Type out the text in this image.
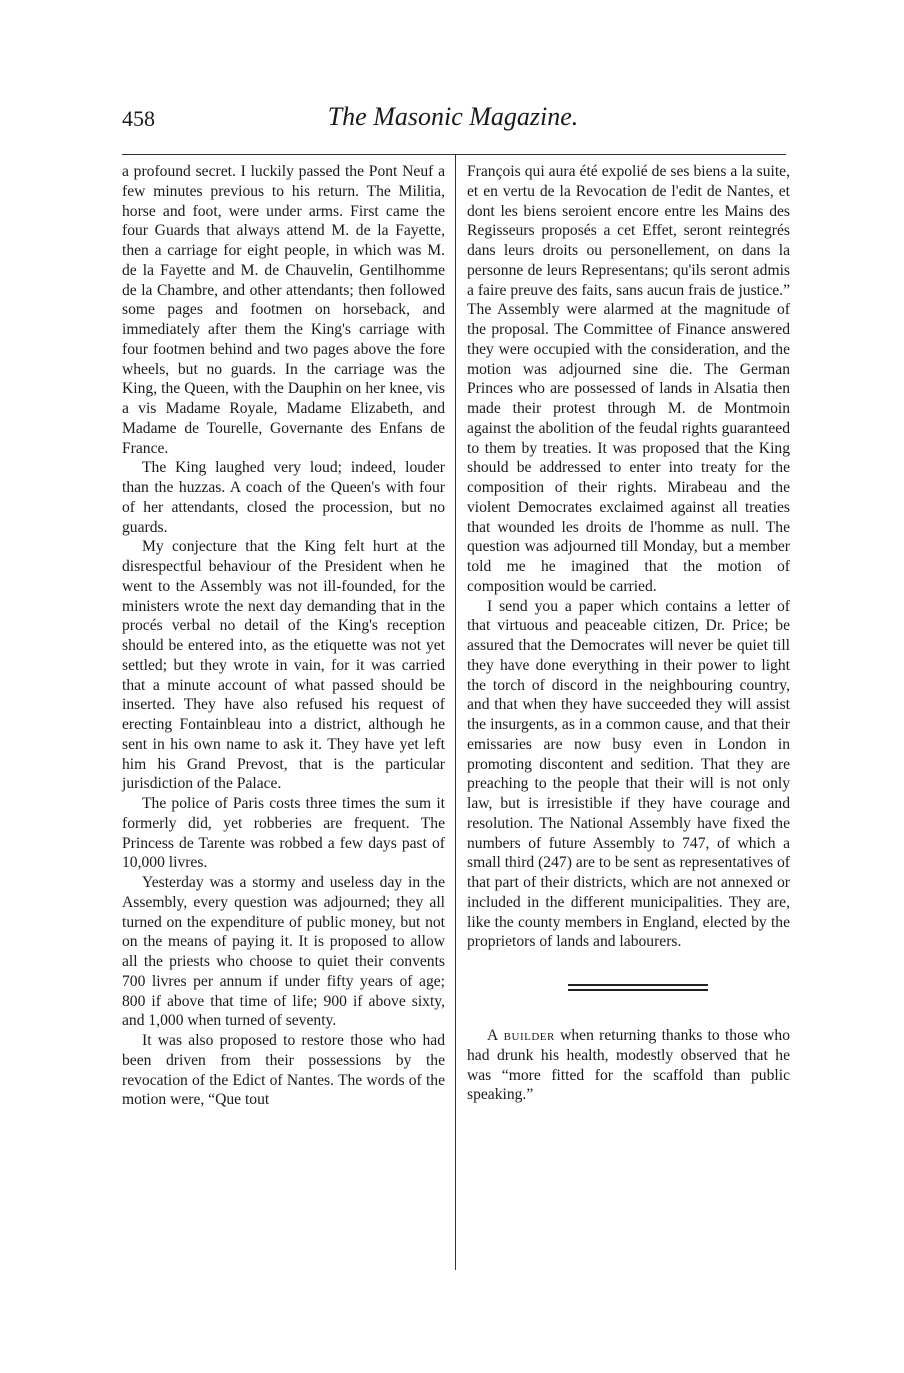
458	The Masonic Magazine.

a profound secret. I luckily passed the Pont Neuf a few minutes previous to his return. The Militia, horse and foot, were under arms. First came the four Guards that always attend M. de la Fayette, then a carriage for eight people, in which was M. de la Fayette and M. de Chauvelin, Gentilhomme de la Chambre, and other attendants; then followed some pages and footmen on horseback, and immediately after them the King's carriage with four footmen behind and two pages above the fore wheels, but no guards. In the carriage was the King, the Queen, with the Dauphin on her knee, vis a vis Madame Royale, Madame Elizabeth, and Madame de Tourelle, Governante des Enfans de France.

The King laughed very loud; indeed, louder than the huzzas. A coach of the Queen's with four of her attendants, closed the procession, but no guards.

My conjecture that the King felt hurt at the disrespectful behaviour of the President when he went to the Assembly was not ill-founded, for the ministers wrote the next day demanding that in the procés verbal no detail of the King's reception should be entered into, as the etiquette was not yet settled; but they wrote in vain, for it was carried that a minute account of what passed should be inserted. They have also refused his request of erecting Fontainbleau into a district, although he sent in his own name to ask it. They have yet left him his Grand Prevost, that is the particular jurisdiction of the Palace.

The police of Paris costs three times the sum it formerly did, yet robberies are frequent. The Princess de Tarente was robbed a few days past of 10,000 livres.

Yesterday was a stormy and useless day in the Assembly, every question was adjourned; they all turned on the expenditure of public money, but not on the means of paying it. It is proposed to allow all the priests who choose to quiet their convents 700 livres per annum if under fifty years of age; 800 if above that time of life; 900 if above sixty, and 1,000 when turned of seventy.

It was also proposed to restore those who had been driven from their possessions by the revocation of the Edict of Nantes. The words of the motion were, “Que tout

François qui aura été expolié de ses biens a la suite, et en vertu de la Revocation de l'edit de Nantes, et dont les biens seroient encore entre les Mains des Regisseurs proposés a cet Effet, seront reintegrés dans leurs droits ou personellement, on dans la personne de leurs Representans; qu'ils seront admis a faire preuve des faits, sans aucun frais de justice.” The Assembly were alarmed at the magnitude of the proposal. The Committee of Finance answered they were occupied with the consideration, and the motion was adjourned sine die. The German Princes who are possessed of lands in Alsatia then made their protest through M. de Montmoin against the abolition of the feudal rights guaranteed to them by treaties. It was proposed that the King should be addressed to enter into treaty for the composition of their rights. Mirabeau and the violent Democrates exclaimed against all treaties that wounded les droits de l'homme as null. The question was adjourned till Monday, but a member told me he imagined that the motion of composition would be carried.

I send you a paper which contains a letter of that virtuous and peaceable citizen, Dr. Price; be assured that the Democrates will never be quiet till they have done everything in their power to light the torch of discord in the neighbouring country, and that when they have succeeded they will assist the insurgents, as in a common cause, and that their emissaries are now busy even in London in promoting discontent and sedition. That they are preaching to the people that their will is not only law, but is irresistible if they have courage and resolution. The National Assembly have fixed the numbers of future Assembly to 747, of which a small third (247) are to be sent as representatives of that part of their districts, which are not annexed or included in the different municipalities. They are, like the county members in England, elected by the proprietors of lands and labourers.

A builder when returning thanks to those who had drunk his health, modestly observed that he was “more fitted for the scaffold than public speaking.”
